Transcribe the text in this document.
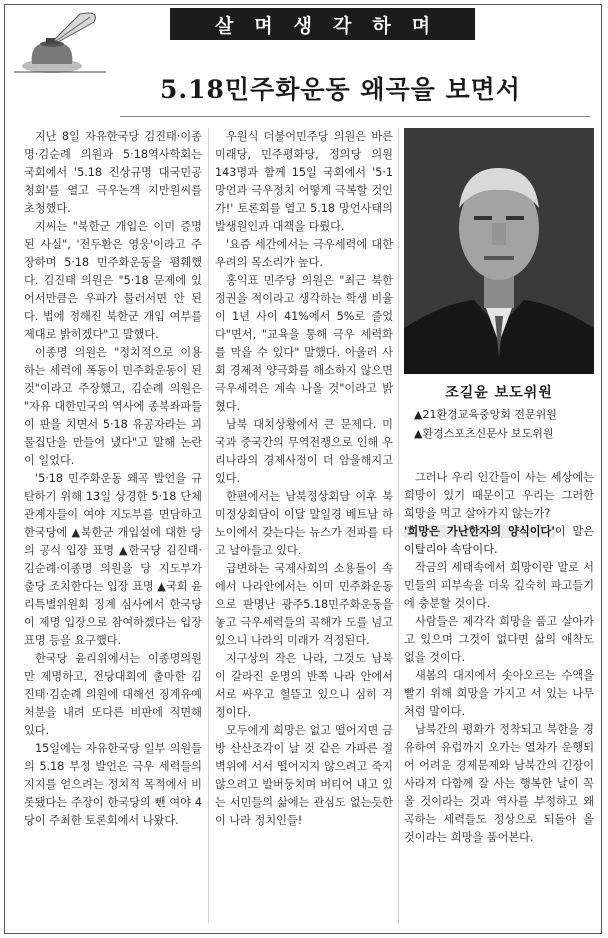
살며생각하며
5.18민주화운동 왜곡을 보면서

지난 8일 자유한국당 김진태·이종명·김순례 의원과 5·18역사학회는 국회에서 '5.18 진상규명 대국민공청회'를 열고 극우논객 지만원씨를 초청했다.

지씨는 "북한군 개입은 이미 증명된 사실", '전두환은 영웅'이라고 주장하며 5·18 민주화운동을 폄훼했다. 김진태 의원은 "5·18 문제에 있어서만큼은 우파가 물러서면 안 된다. 법에 정해진 북한군 개입 여부를 제대로 밝히겠다"고 말했다.

이종명 의원은 "정치적으로 이용하는 세력에 폭동이 민주화운동이 된 것"이라고 주장했고, 김순례 의원은 "자유 대한민국의 역사에 종북좌파들이 판을 치면서 5·18 유공자라는 괴물집단을 만들어 냈다"고 말해 논란이 일었다.

'5·18 민주화운동 왜곡 발언을 규탄하기 위해 13일 상경한 5·18 단체 관계자들이 여야 지도부를 면담하고 한국당에 ▲북한군 개입설에 대한 당의 공식 입장 표명 ▲한국당 김진태·김순례·이종명 의원을 당 지도부가 출당 조치한다는 입장 표명 ▲국회 윤리특별위원회 징계 심사에서 한국당이 제명 입장으로 참여하겠다는 입장 표명 등을 요구했다.

한국당 윤리위에서는 이종명의원만 제명하고, 전당대회에 출마한 김진태·김순례 의원에 대해선 징계유예 처분을 내려 또다른 비판에 직면해 있다.

15일에는 자유한국당 일부 의원들의 5.18 부정 발언은 극우 세력들의 지지를 얻으려는 정치적 목적에서 비롯됐다는 주장이 한국당의 뺀 여야 4당이 주최한 토론회에서 나왔다.

우원식 더불어민주당 의원은 바른미래당, 민주평화당, 정의당 의원 143명과 함께 15일 국회에서 '5·1 망언과 극우정치 어떻게 극복할 것인가!' 토론회를 열고 5.18 망언사태의 발생원인과 대책을 다뤘다.

'요즘 세간에서는 극우세력에 대한 우려의 목소리가 높다.

홍익표 민주당 의원은 "최근 북한 정권을 적이라고 생각하는 학생 비율이 1년 사이 41%에서 5%로 줄었다"면서, "교육을 통해 극우 세력화를 막을 수 있다" 말했다. 아울러 사회 경제적 양극화를 해소하지 않으면 극우세력은 계속 나올 것"이라고 밝혔다.

남북 대치상황에서 큰 문제다. 미국과 중국간의 무역전쟁으로 인해 우리나라의 경제사정이 더 암울해지고 있다.

한편에서는 남북정상회담 이후 북미정상회담이 이달 말일경 베트남 하노이에서 갖는다는 뉴스가 전파를 타고 날아들고 있다.

급변하는 국제사회의 소용돌이 속에서 나라안에서는 이미 민주화운동으로 판명난 광주5.18민주화운동을 놓고 극우세력들의 곡해가 도를 넘고 있으니 나라의 미래가 걱정된다.

지구상의 작은 나라, 그것도 남북이 갈라진 운명의 반쪽 나라 안에서 서로 싸우고 헐뜯고 있으니 심히 걱정이다.

모두에게 희망은 없고 떨어지면 금방 산산조각이 날 것 같은 가파른 절벽위에 서서 떨어지지 않으려고 죽지 않으려고 발버둥치며 버티어 내고 있는 서민들의 삶에는 관심도 없는듯한 이 나라 정치인들!

조길윤 보도위원
▲21환경교육중앙회 전문위원
▲환경스포츠신문사 보도위원

그러나 우리 인간들이 사는 세상에는 희망이 있기 때문이고 우리는 그러한 희망을 먹고 살아가지 않는가?

'희망은 가난한자의 양식이다'이 말은 이탈리아 속담이다.

작금의 세태속에서 희망이란 말로 서민들의 피부속을 더욱 깊숙히 파고들기에 충분할 것이다.

사람들은 제각각 희망을 품고 살아가고 있으며 그것이 없다면 삶의 애착도 없을 것이다.

새봄의 대지에서 솟아오르는 수액을 빨기 위해 희망을 가지고 서 있는 나무처럼 말이다.

남북간의 평화가 정착되고 북한을 경유하여 유럽까지 오가는 열차가 운행되어 어려운 경제문제와 남북간의 긴장이 사라져 다함께 잘 사는 행복한 날이 꼭 올 것이라는 것과 역사를 부정하고 왜곡하는 세력들도 정상으로 되돌아 올 것이라는 희망을 품어본다.
